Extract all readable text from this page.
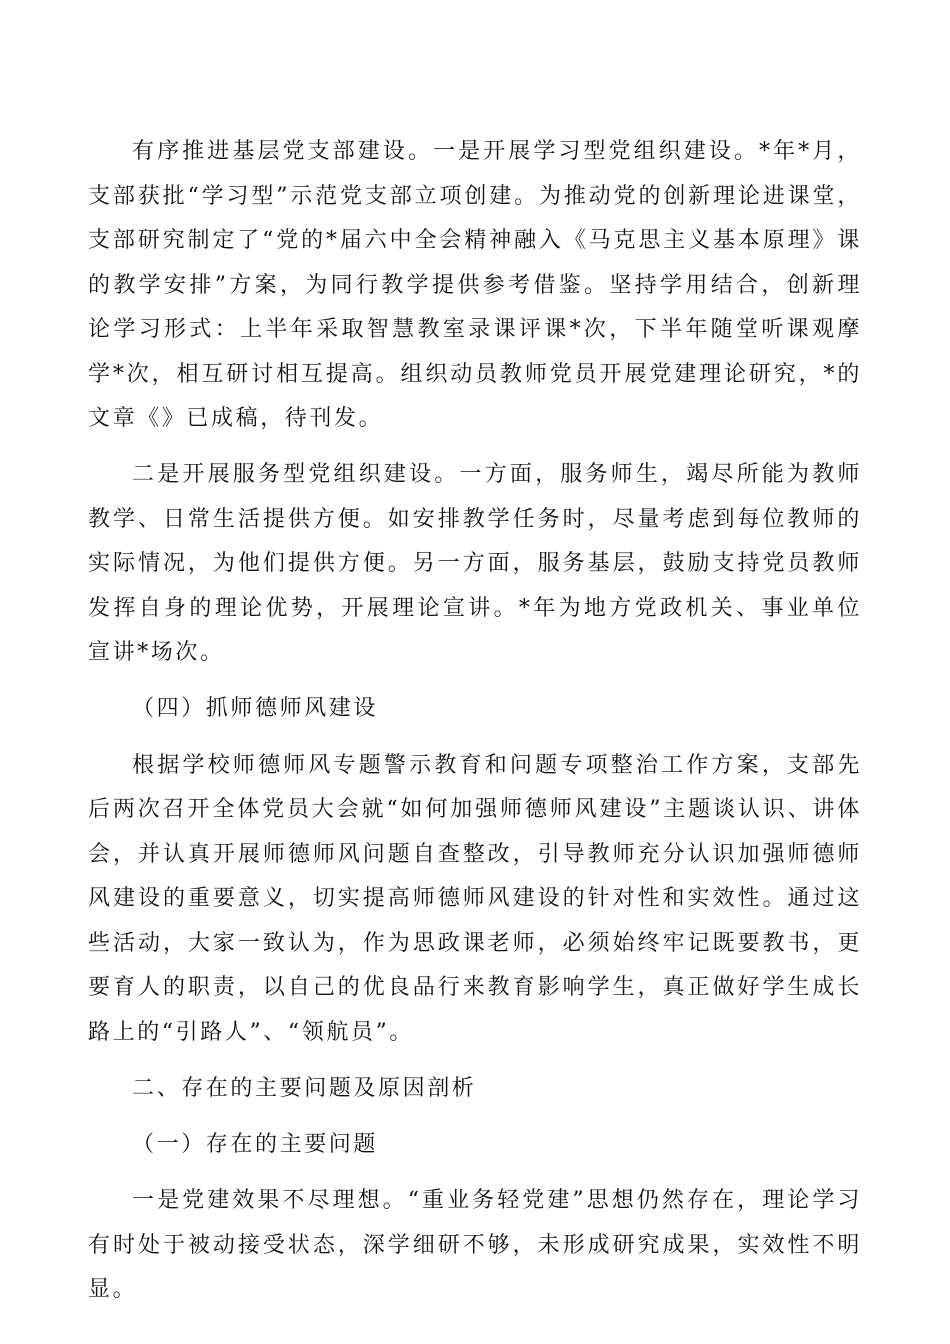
有序推进基层党支部建设。一是开展学习型党组织建设。*年*月，支部获批“学习型”示范党支部立项创建。为推动党的创新理论进课堂，支部研究制定了“党的*届六中全会精神融入《马克思主义基本原理》课的教学安排”方案，为同行教学提供参考借鉴。坚持学用结合，创新理论学习形式：上半年采取智慧教室录课评课*次，下半年随堂听课观摩学*次，相互研讨相互提高。组织动员教师党员开展党建理论研究，*的文章《》已成稿，待刊发。

二是开展服务型党组织建设。一方面，服务师生，竭尽所能为教师教学、日常生活提供方便。如安排教学任务时，尽量考虑到每位教师的实际情况，为他们提供方便。另一方面，服务基层，鼓励支持党员教师发挥自身的理论优势，开展理论宣讲。*年为地方党政机关、事业单位宣讲*场次。

（四）抓师德师风建设

根据学校师德师风专题警示教育和问题专项整治工作方案，支部先后两次召开全体党员大会就“如何加强师德师风建设”主题谈认识、讲体会，并认真开展师德师风问题自查整改，引导教师充分认识加强师德师风建设的重要意义，切实提高师德师风建设的针对性和实效性。通过这些活动，大家一致认为，作为思政课老师，必须始终牢记既要教书，更要育人的职责，以自己的优良品行来教育影响学生，真正做好学生成长路上的“引路人”、“领航员”。

二、存在的主要问题及原因剖析

（一）存在的主要问题

一是党建效果不尽理想。“重业务轻党建”思想仍然存在，理论学习有时处于被动接受状态，深学细研不够，未形成研究成果，实效性不明显。
